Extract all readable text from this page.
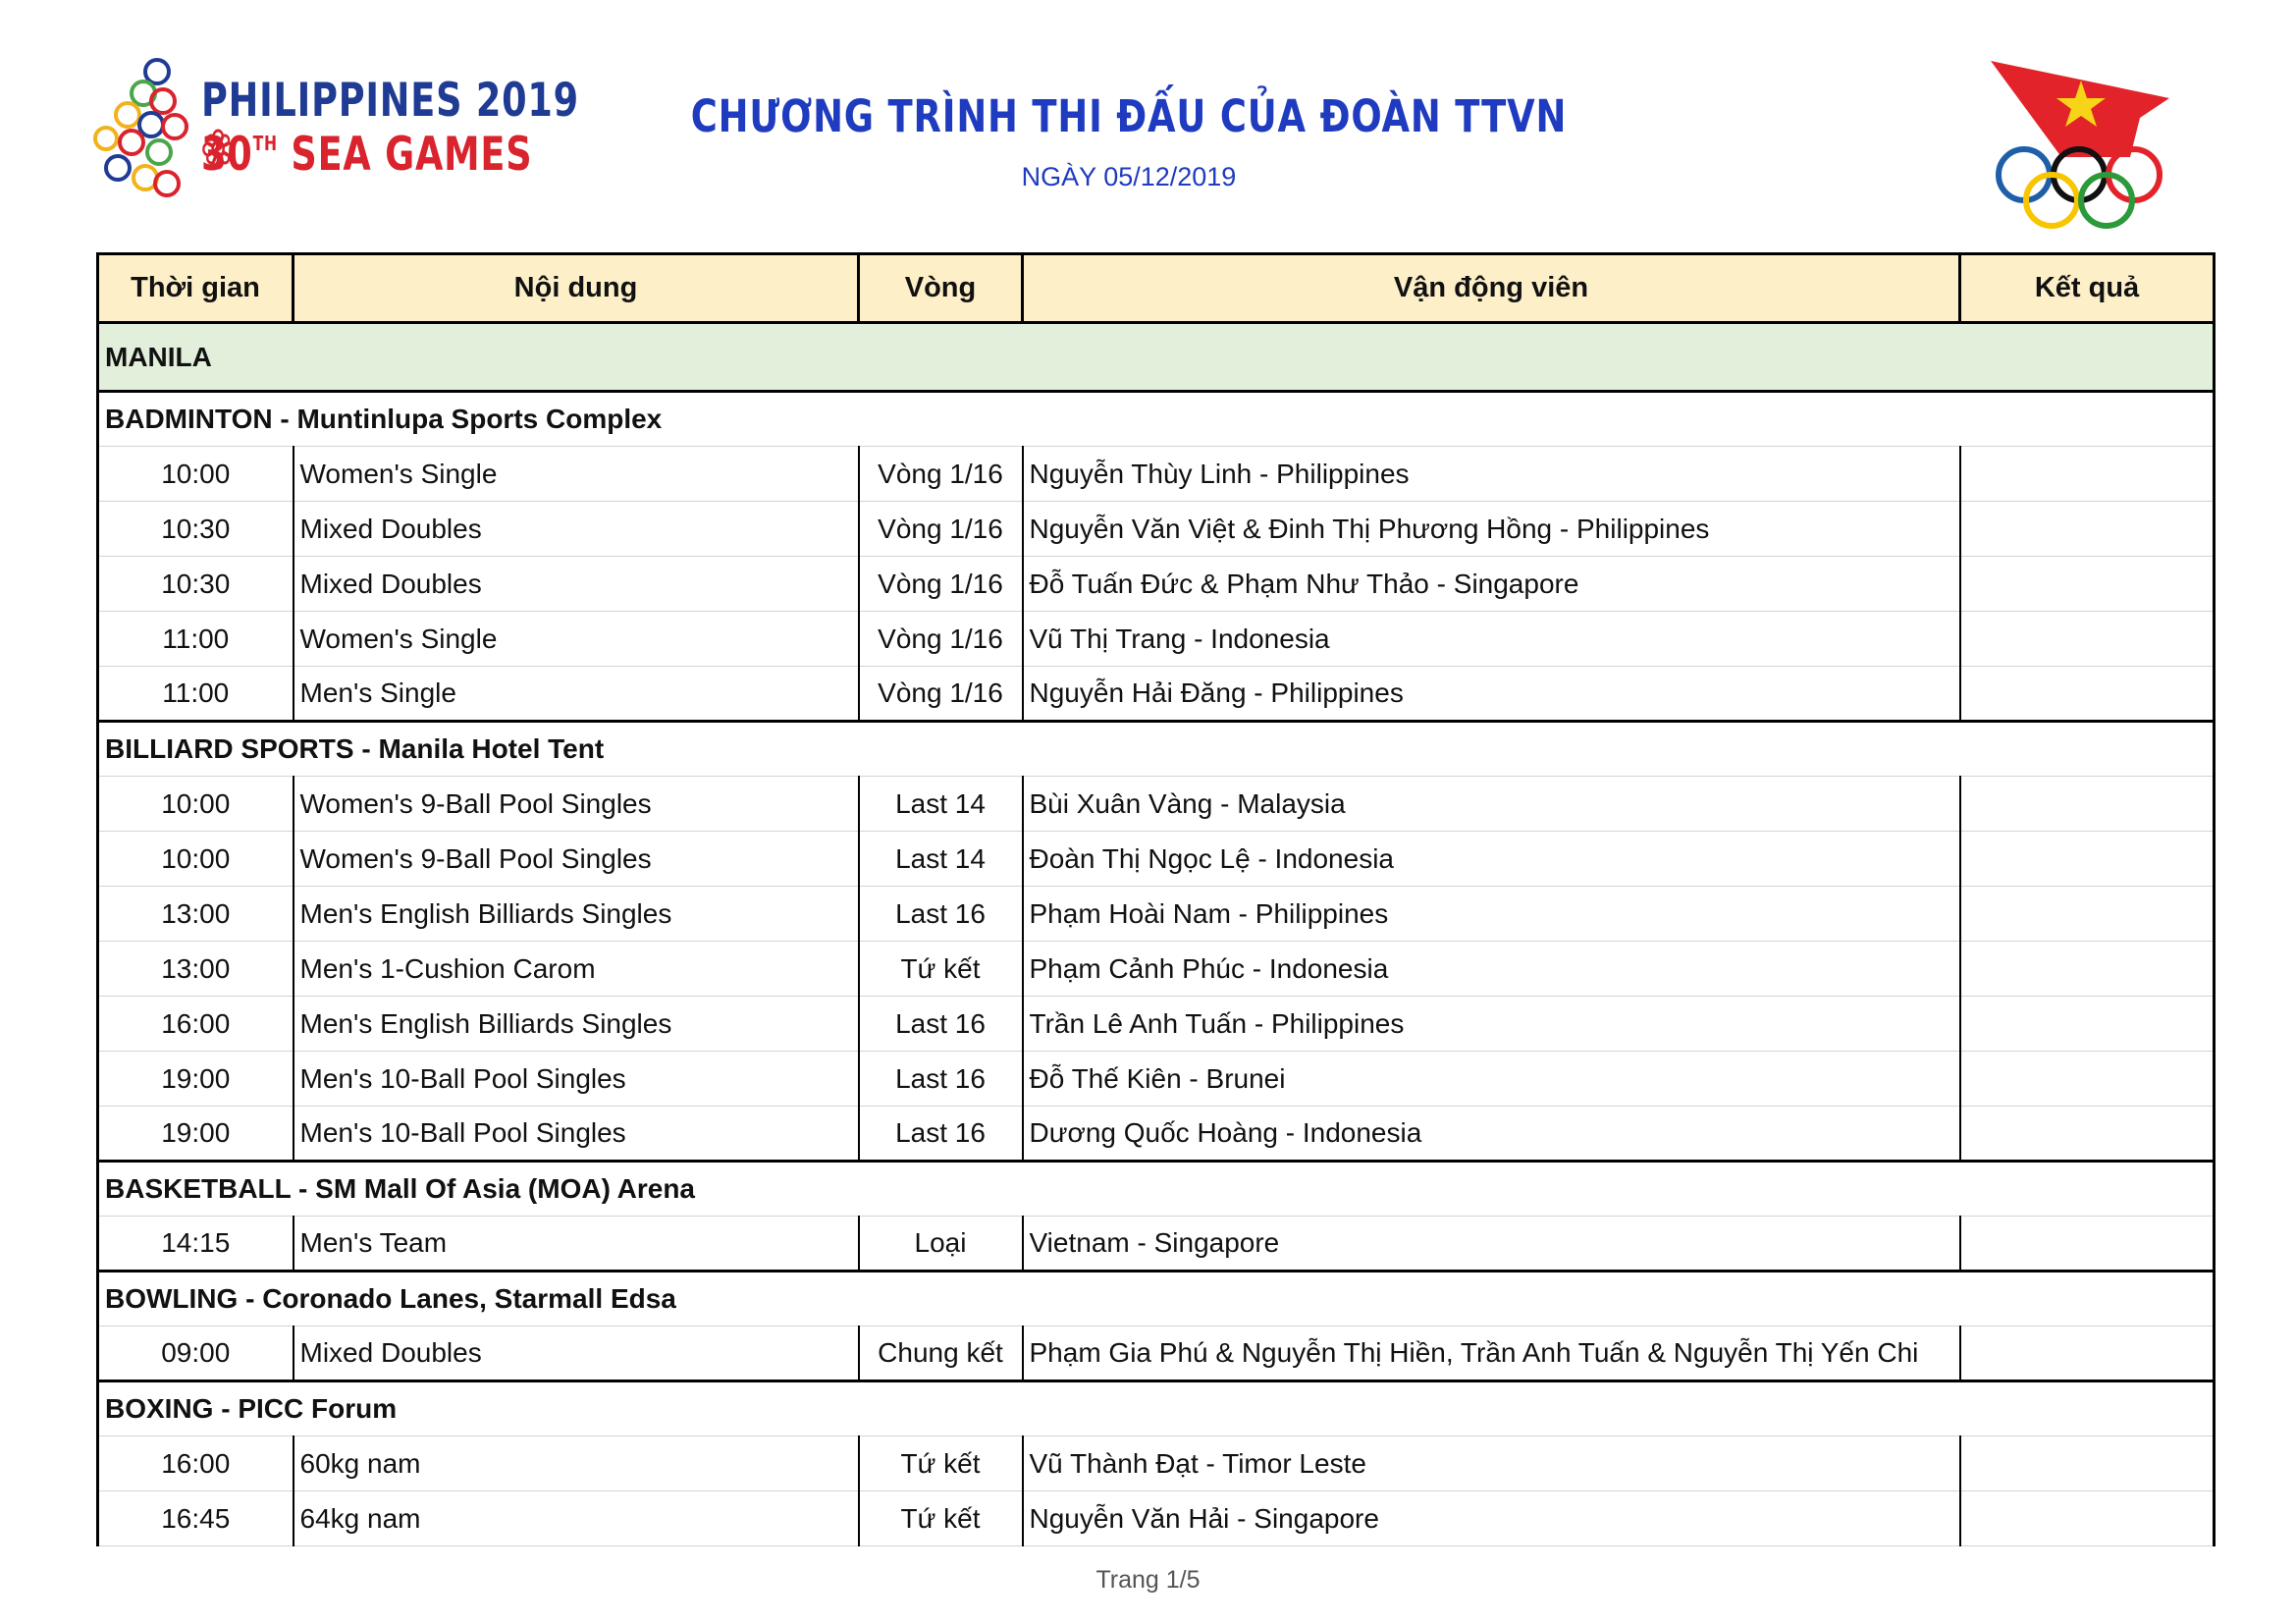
PHILIPPINES 2019
30TH SEA GAMES
CHƯƠNG TRÌNH THI ĐẤU CỦA ĐOÀN TTVN
NGÀY 05/12/2019
Thời gian	Nội dung	Vòng	Vận động viên	Kết quả
MANILA				
BADMINTON - Muntinlupa Sports Complex				
10:00	Women's Single	Vòng 1/16	Nguyễn Thùy Linh - Philippines	
10:30	Mixed Doubles	Vòng 1/16	Nguyễn Văn Việt & Đinh Thị Phương Hồng - Philippines	
10:30	Mixed Doubles	Vòng 1/16	Đỗ Tuấn Đức & Phạm Như Thảo - Singapore	
11:00	Women's Single	Vòng 1/16	Vũ Thị Trang - Indonesia	
11:00	Men's Single	Vòng 1/16	Nguyễn Hải Đăng - Philippines	
BILLIARD SPORTS - Manila Hotel Tent				
10:00	Women's 9-Ball Pool Singles	Last 14	Bùi Xuân Vàng - Malaysia	
10:00	Women's 9-Ball Pool Singles	Last 14	Đoàn Thị Ngọc Lệ - Indonesia	
13:00	Men's English Billiards Singles	Last 16	Phạm Hoài Nam - Philippines	
13:00	Men's 1-Cushion Carom	Tứ kết	Phạm Cảnh Phúc - Indonesia	
16:00	Men's English Billiards Singles	Last 16	Trần Lê Anh Tuấn - Philippines	
19:00	Men's 10-Ball Pool Singles	Last 16	Đỗ Thế Kiên - Brunei	
19:00	Men's 10-Ball Pool Singles	Last 16	Dương Quốc Hoàng - Indonesia	
BASKETBALL - SM Mall Of Asia (MOA) Arena				
14:15	Men's Team	Loại	Vietnam - Singapore	
BOWLING - Coronado Lanes, Starmall Edsa				
09:00	Mixed Doubles	Chung kết	Phạm Gia Phú & Nguyễn Thị Hiền, Trần Anh Tuấn & Nguyễn Thị Yến Chi	
BOXING - PICC Forum				
16:00	60kg nam	Tứ kết	Vũ Thành Đạt - Timor Leste	
16:45	64kg nam	Tứ kết	Nguyễn Văn Hải - Singapore	
Trang 1/5
